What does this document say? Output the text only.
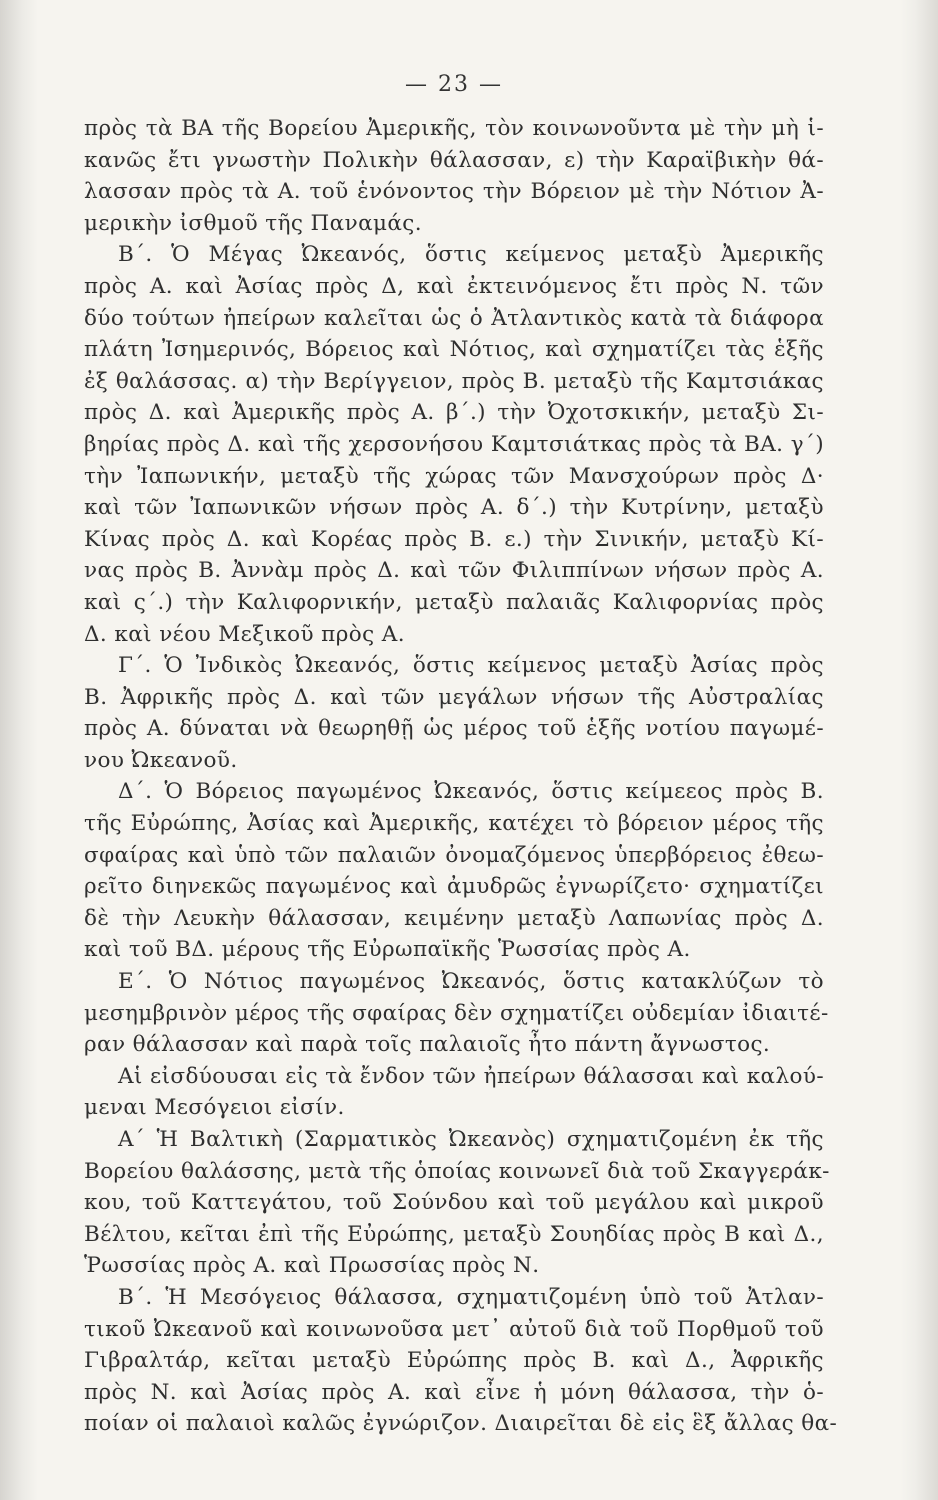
— 23 —
πρὸς τὰ ΒΑ τῆς Βορείου Ἀμερικῆς, τὸν κοινωνοῦντα μὲ τὴν μὴ ἱ-
κανῶς ἔτι γνωστὴν Πολικὴν θάλασσαν, ε) τὴν Καραϊβικὴν θά-
λασσαν πρὸς τὰ Α. τοῦ ἑνόνοντος τὴν Βόρειον μὲ τὴν Νότιον Ἀ-
μερικὴν ἰσθμοῦ τῆς Παναμάς.
Β΄. Ὁ Μέγας Ὠκεανός, ὅστις κείμενος μεταξὺ Ἀμερικῆς
πρὸς Α. καὶ Ἀσίας πρὸς Δ, καὶ ἐκτεινόμενος ἔτι πρὸς Ν. τῶν
δύο τούτων ἠπείρων καλεῖται ὡς ὁ Ἀτλαντικὸς κατὰ τὰ διάφορα
πλάτη Ἰσημερινός, Βόρειος καὶ Νότιος, καὶ σχηματίζει τὰς ἑξῆς
ἐξ θαλάσσας. α) τὴν Βερίγγειον, πρὸς Β. μεταξὺ τῆς Καμτσιάκας
πρὸς Δ. καὶ Ἀμερικῆς πρὸς Α. β΄.) τὴν Ὀχοτσκικήν, μεταξὺ Σι-
βηρίας πρὸς Δ. καὶ τῆς χερσονήσου Καμτσιάτκας πρὸς τὰ ΒΑ. γ΄)
τὴν Ἰαπωνικήν, μεταξὺ τῆς χώρας τῶν Μανσχούρων πρὸς Δ·
καὶ τῶν Ἰαπωνικῶν νήσων πρὸς Α. δ΄.) τὴν Κυτρίνην, μεταξὺ
Κίνας πρὸς Δ. καὶ Κορέας πρὸς Β. ε.) τὴν Σινικήν, μεταξὺ Κί-
νας πρὸς Β. Ἀννὰμ πρὸς Δ. καὶ τῶν Φιλιππίνων νήσων πρὸς Α.
καὶ ς΄.) τὴν Καλιφορνικήν, μεταξὺ παλαιᾶς Καλιφορνίας πρὸς
Δ. καὶ νέου Μεξικοῦ πρὸς Α.
Γ΄. Ὁ Ἰνδικὸς Ὠκεανός, ὅστις κείμενος μεταξὺ Ἀσίας πρὸς
Β. Ἀφρικῆς πρὸς Δ. καὶ τῶν μεγάλων νήσων τῆς Αὐστραλίας
πρὸς Α. δύναται νὰ θεωρηθῇ ὡς μέρος τοῦ ἑξῆς νοτίου παγωμέ-
νου Ὠκεανοῦ.
Δ΄. Ὁ Βόρειος παγωμένος Ὠκεανός, ὅστις κείμεεος πρὸς Β.
τῆς Εὐρώπης, Ἀσίας καὶ Ἀμερικῆς, κατέχει τὸ βόρειον μέρος τῆς
σφαίρας καὶ ὑπὸ τῶν παλαιῶν ὀνομαζόμενος ὑπερβόρειος ἐθεω-
ρεῖτο διηνεκῶς παγωμένος καὶ ἀμυδρῶς ἐγνωρίζετο· σχηματίζει
δὲ τὴν Λευκὴν θάλασσαν, κειμένην μεταξὺ Λαπωνίας πρὸς Δ.
καὶ τοῦ ΒΔ. μέρους τῆς Εὐρωπαϊκῆς Ῥωσσίας πρὸς Α.
Ε΄. Ὁ Νότιος παγωμένος Ὠκεανός, ὅστις κατακλύζων τὸ
μεσημβρινὸν μέρος τῆς σφαίρας δὲν σχηματίζει οὐδεμίαν ἰδιαιτέ-
ραν θάλασσαν καὶ παρὰ τοῖς παλαιοῖς ἦτο πάντη ἄγνωστος.
Αἱ εἰσδύουσαι εἰς τὰ ἔνδον τῶν ἠπείρων θάλασσαι καὶ καλού-
μεναι Μεσόγειοι εἰσίν.
Α΄ Ἡ Βαλτικὴ (Σαρματικὸς Ὠκεανὸς) σχηματιζομένη ἐκ τῆς
Βορείου θαλάσσης, μετὰ τῆς ὁποίας κοινωνεῖ διὰ τοῦ Σκαγγεράκ-
κου, τοῦ Καττεγάτου, τοῦ Σούνδου καὶ τοῦ μεγάλου καὶ μικροῦ
Βέλτου, κεῖται ἐπὶ τῆς Εὐρώπης, μεταξὺ Σουηδίας πρὸς Β καὶ Δ.,
Ῥωσσίας πρὸς Α. καὶ Πρωσσίας πρὸς Ν.
Β΄. Ἡ Μεσόγειος θάλασσα, σχηματιζομένη ὑπὸ τοῦ Ἀτλαν-
τικοῦ Ὠκεανοῦ καὶ κοινωνοῦσα μετ᾽ αὐτοῦ διὰ τοῦ Πορθμοῦ τοῦ
Γιβραλτάρ, κεῖται μεταξὺ Εὐρώπης πρὸς Β. καὶ Δ., Ἀφρικῆς
πρὸς Ν. καὶ Ἀσίας πρὸς Α. καὶ εἶνε ἡ μόνη θάλασσα, τὴν ὁ-
ποίαν οἱ παλαιοὶ καλῶς ἐγνώριζον. Διαιρεῖται δὲ εἰς ἓξ ἄλλας θα-
